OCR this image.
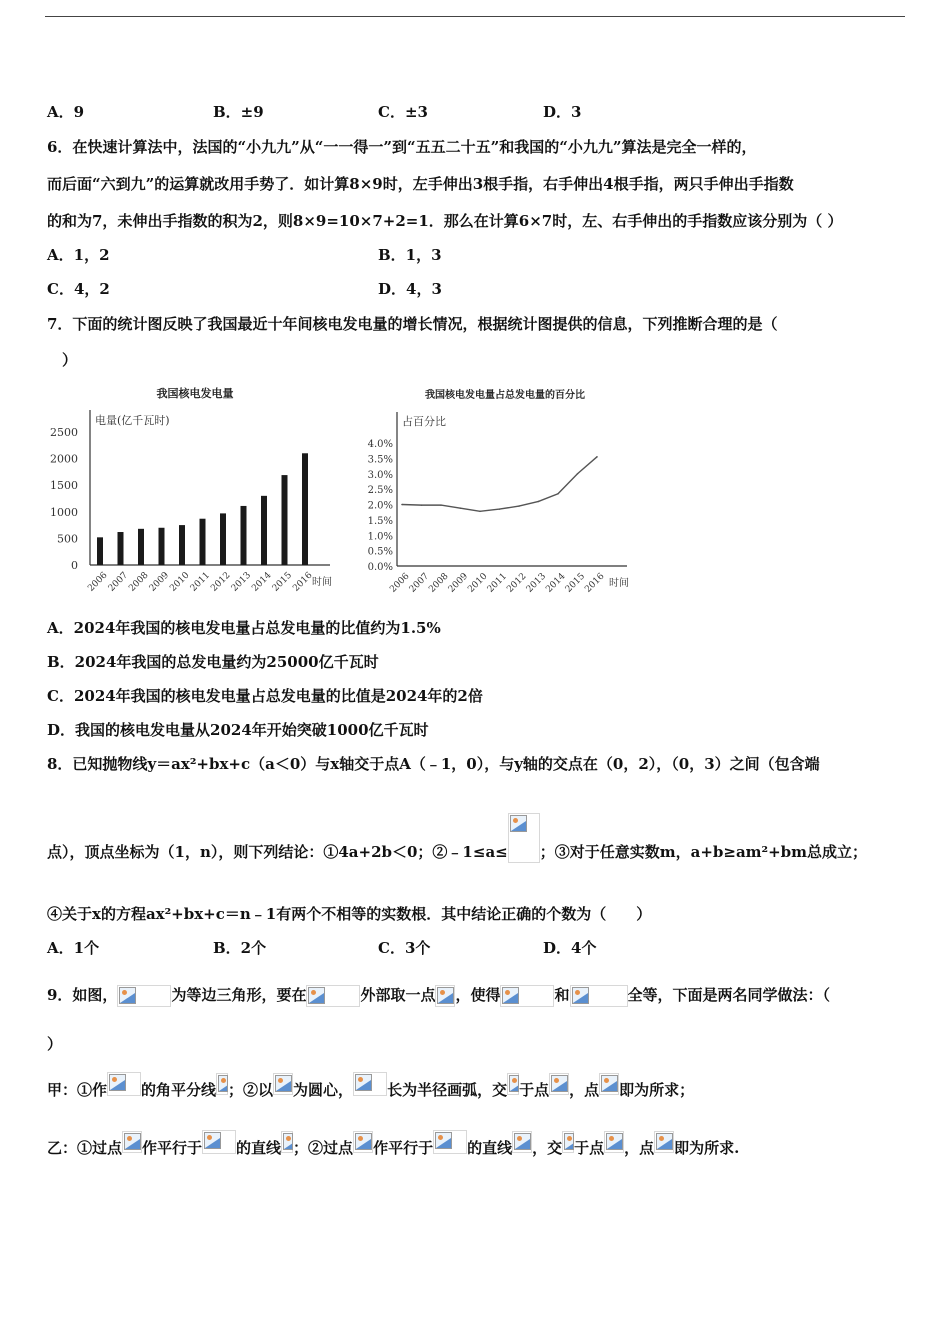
A．9	B．±9	C．±3	D．3
6．在快速计算法中，法国的“小九九”从“一一得一”到“五五二十五”和我国的“小九九”算法是完全一样的，
而后面“六到九”的运算就改用手势了．如计算8×9时，左手伸出3根手指，右手伸出4根手指，两只手伸出手指数
的和为7，未伸出手指数的积为2，则8×9=10×7+2=1．那么在计算6×7时，左、右手伸出的手指数应该分别为（ ）
A．1，2	B．1，3
C．4，2	D．4，3
7．下面的统计图反映了我国最近十年间核电发电量的增长情况，根据统计图提供的信息，下列推断合理的是（
）
我国核电发电量
电量(亿千瓦时)
时间
0
500
1000
1500
2000
2500
2006
2007
2008
2009
2010
2011
2012
2013
2014
2015
2016
我国核电发电量占总发电量的百分比
占百分比
时间
0.0%
0.5%
1.0%
1.5%
2.0%
2.5%
3.0%
3.5%
4.0%
2006
2007
2008
2009
2010
2011
2012
2013
2014
2015
2016
A．2024年我国的核电发电量占总发电量的比值约为1.5%
B．2024年我国的总发电量约为25000亿千瓦时
C．2024年我国的核电发电量占总发电量的比值是2024年的2倍
D．我国的核电发电量从2024年开始突破1000亿千瓦时
8．已知抛物线y＝ax²+bx+c（a＜0）与x轴交于点A（﹣1，0），与y轴的交点在（0，2），（0，3）之间（包含端
点），顶点坐标为（1，n），则下列结论：①4a+2b＜0；②﹣1≤a≤ ；③对于任意实数m，a+b≥am²+bm总成立；
④关于x的方程ax²+bx+c＝n﹣1有两个不相等的实数根．其中结论正确的个数为（　　）
A．1个	B．2个	C．3个	D．4个
9．如图，	为等边三角形，要在	外部取一点 ，使得	和	全等，下面是两名同学做法：（
）
甲：①作 的角平分线 ；②以 为圆心， 长为半径画弧，交 于点 ，点 即为所求；
乙：①过点 作平行于 的直线 ；②过点 作平行于 的直线 ，交 于点 ，点 即为所求.
